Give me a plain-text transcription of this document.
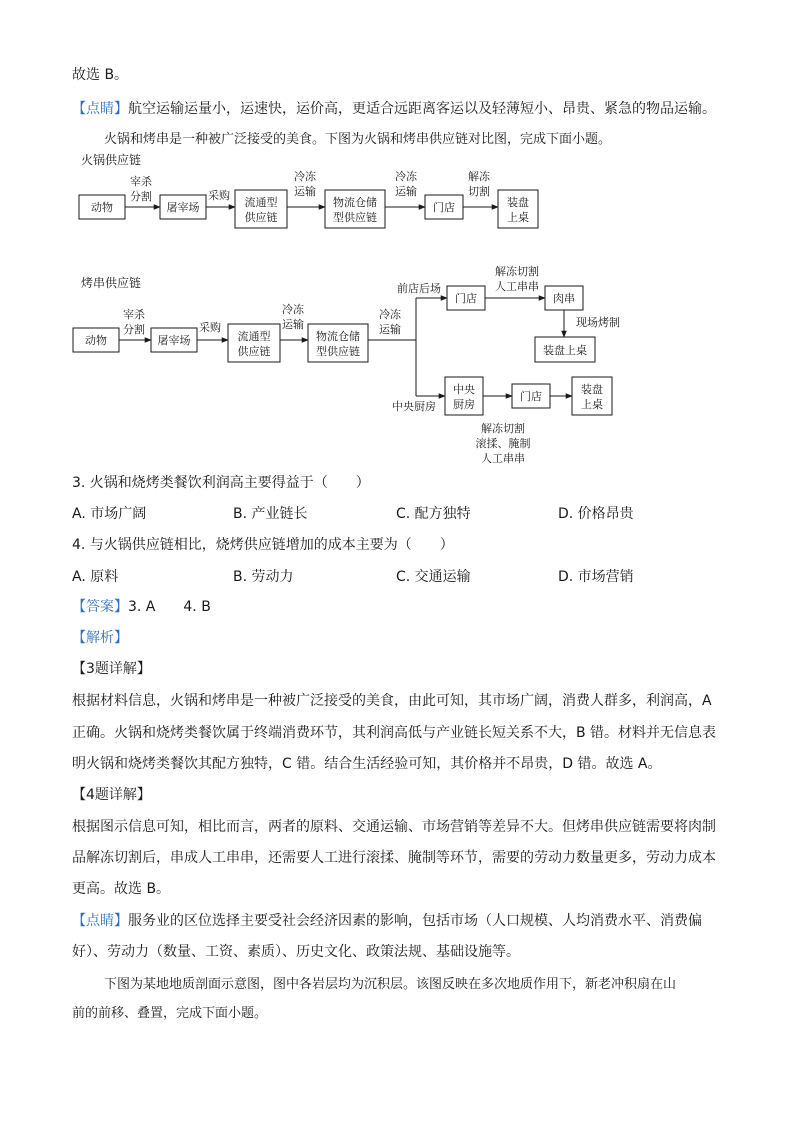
故选 B。
【点睛】航空运输运量小，运速快，运价高，更适合远距离客运以及轻薄短小、昂贵、紧急的物品运输。
火锅和烤串是一种被广泛接受的美食。下图为火锅和烤串供应链对比图，完成下面小题。
火锅供应链
动物
宰杀
分割
屠宰场
采购
流通型
供应链
冷冻
运输
物流仓储
型供应链
冷冻
运输
门店
解冻
切割
装盘
上桌
烤串供应链
动物
宰杀
分割
屠宰场
采购
流通型
供应链
冷冻
运输
物流仓储
型供应链
冷冻
运输
前店后场
中央厨房
门店
解冻切割
人工串串
肉串
现场烤制
装盘上桌
中央
厨房
门店
装盘
上桌
解冻切割
滚揉、腌制
人工串串
3. 火锅和烧烤类餐饮利润高主要得益于（　　）
A. 市场广阔	B. 产业链长	C. 配方独特	D. 价格昂贵
4. 与火锅供应链相比，烧烤供应链增加的成本主要为（　　）
A. 原料	B. 劳动力	C. 交通运输	D. 市场营销
【答案】3. A　　4. B
【解析】
【3题详解】
根据材料信息，火锅和烤串是一种被广泛接受的美食，由此可知，其市场广阔，消费人群多，利润高，A
正确。火锅和烧烤类餐饮属于终端消费环节，其利润高低与产业链长短关系不大，B 错。材料并无信息表
明火锅和烧烤类餐饮其配方独特，C 错。结合生活经验可知，其价格并不昂贵，D 错。故选 A。
【4题详解】
根据图示信息可知，相比而言，两者的原料、交通运输、市场营销等差异不大。但烤串供应链需要将肉制
品解冻切割后，串成人工串串，还需要人工进行滚揉、腌制等环节，需要的劳动力数量更多，劳动力成本
更高。故选 B。
【点睛】服务业的区位选择主要受社会经济因素的影响，包括市场（人口规模、人均消费水平、消费偏
好）、劳动力（数量、工资、素质）、历史文化、政策法规、基础设施等。
下图为某地地质剖面示意图，图中各岩层均为沉积层。该图反映在多次地质作用下，新老冲积扇在山
前的前移、叠置，完成下面小题。
